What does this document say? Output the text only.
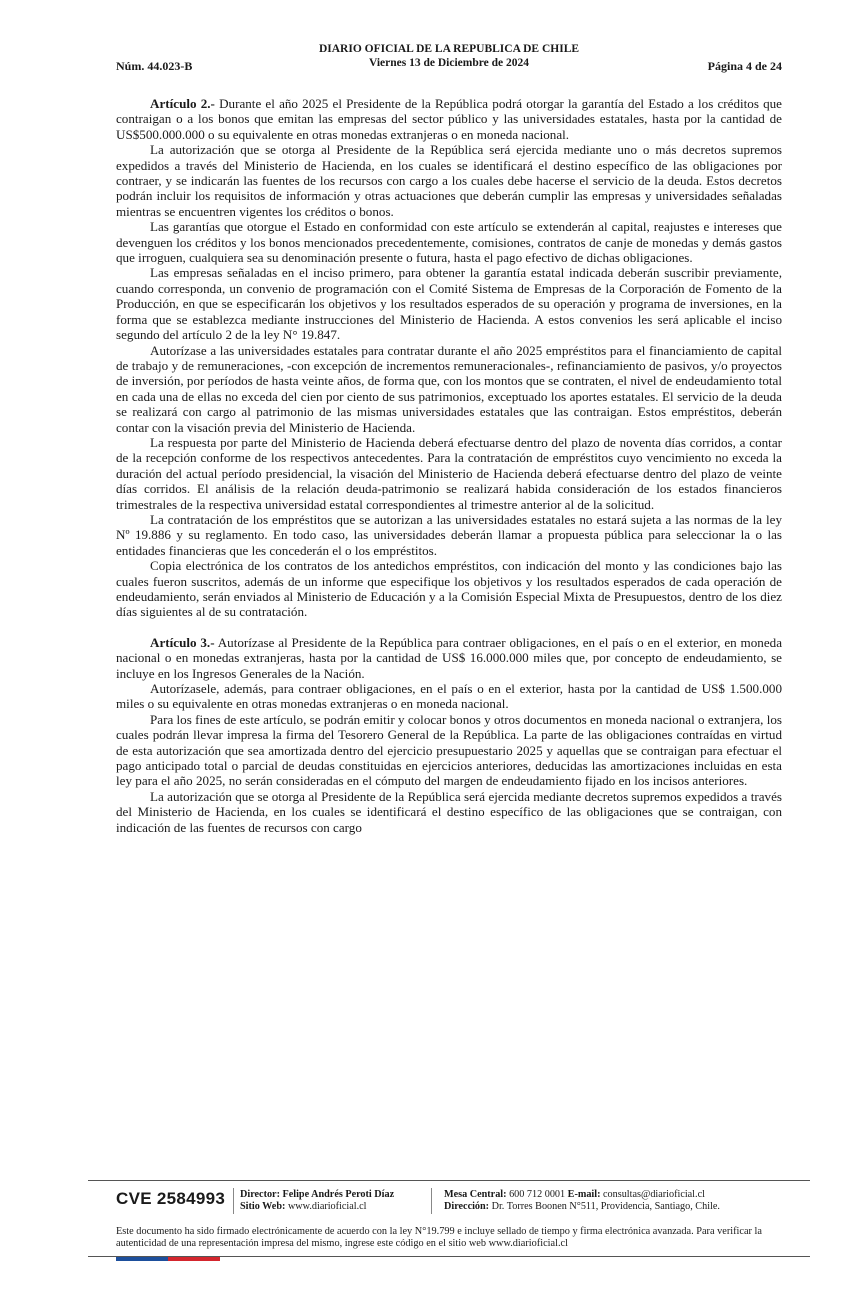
Núm. 44.023-B
DIARIO OFICIAL DE LA REPUBLICA DE CHILE
Viernes 13 de Diciembre de 2024	Página 4 de 24

Artículo 2.- Durante el año 2025 el Presidente de la República podrá otorgar la garantía del Estado a los créditos que contraigan o a los bonos que emitan las empresas del sector público y las universidades estatales, hasta por la cantidad de US$500.000.000 o su equivalente en otras monedas extranjeras o en moneda nacional.

La autorización que se otorga al Presidente de la República será ejercida mediante uno o más decretos supremos expedidos a través del Ministerio de Hacienda, en los cuales se identificará el destino específico de las obligaciones por contraer, y se indicarán las fuentes de los recursos con cargo a los cuales debe hacerse el servicio de la deuda. Estos decretos podrán incluir los requisitos de información y otras actuaciones que deberán cumplir las empresas y universidades señaladas mientras se encuentren vigentes los créditos o bonos.

Las garantías que otorgue el Estado en conformidad con este artículo se extenderán al capital, reajustes e intereses que devenguen los créditos y los bonos mencionados precedentemente, comisiones, contratos de canje de monedas y demás gastos que irroguen, cualquiera sea su denominación presente o futura, hasta el pago efectivo de dichas obligaciones.

Las empresas señaladas en el inciso primero, para obtener la garantía estatal indicada deberán suscribir previamente, cuando corresponda, un convenio de programación con el Comité Sistema de Empresas de la Corporación de Fomento de la Producción, en que se especificarán los objetivos y los resultados esperados de su operación y programa de inversiones, en la forma que se establezca mediante instrucciones del Ministerio de Hacienda. A estos convenios les será aplicable el inciso segundo del artículo 2 de la ley N° 19.847.

Autorízase a las universidades estatales para contratar durante el año 2025 empréstitos para el financiamiento de capital de trabajo y de remuneraciones, -con excepción de incrementos remuneracionales-, refinanciamiento de pasivos, y/o proyectos de inversión, por períodos de hasta veinte años, de forma que, con los montos que se contraten, el nivel de endeudamiento total en cada una de ellas no exceda del cien por ciento de sus patrimonios, exceptuado los aportes estatales. El servicio de la deuda se realizará con cargo al patrimonio de las mismas universidades estatales que las contraigan. Estos empréstitos, deberán contar con la visación previa del Ministerio de Hacienda.

La respuesta por parte del Ministerio de Hacienda deberá efectuarse dentro del plazo de noventa días corridos, a contar de la recepción conforme de los respectivos antecedentes. Para la contratación de empréstitos cuyo vencimiento no exceda la duración del actual período presidencial, la visación del Ministerio de Hacienda deberá efectuarse dentro del plazo de veinte días corridos. El análisis de la relación deuda-patrimonio se realizará habida consideración de los estados financieros trimestrales de la respectiva universidad estatal correspondientes al trimestre anterior al de la solicitud.

La contratación de los empréstitos que se autorizan a las universidades estatales no estará sujeta a las normas de la ley Nº 19.886 y su reglamento. En todo caso, las universidades deberán llamar a propuesta pública para seleccionar la o las entidades financieras que les concederán el o los empréstitos.

Copia electrónica de los contratos de los antedichos empréstitos, con indicación del monto y las condiciones bajo las cuales fueron suscritos, además de un informe que especifique los objetivos y los resultados esperados de cada operación de endeudamiento, serán enviados al Ministerio de Educación y a la Comisión Especial Mixta de Presupuestos, dentro de los diez días siguientes al de su contratación.

Artículo 3.- Autorízase al Presidente de la República para contraer obligaciones, en el país o en el exterior, en moneda nacional o en monedas extranjeras, hasta por la cantidad de US$ 16.000.000 miles que, por concepto de endeudamiento, se incluye en los Ingresos Generales de la Nación.

Autorízasele, además, para contraer obligaciones, en el país o en el exterior, hasta por la cantidad de US$ 1.500.000 miles o su equivalente en otras monedas extranjeras o en moneda nacional.

Para los fines de este artículo, se podrán emitir y colocar bonos y otros documentos en moneda nacional o extranjera, los cuales podrán llevar impresa la firma del Tesorero General de la República. La parte de las obligaciones contraídas en virtud de esta autorización que sea amortizada dentro del ejercicio presupuestario 2025 y aquellas que se contraigan para efectuar el pago anticipado total o parcial de deudas constituidas en ejercicios anteriores, deducidas las amortizaciones incluidas en esta ley para el año 2025, no serán consideradas en el cómputo del margen de endeudamiento fijado en los incisos anteriores.

La autorización que se otorga al Presidente de la República será ejercida mediante decretos supremos expedidos a través del Ministerio de Hacienda, en los cuales se identificará el destino específico de las obligaciones que se contraigan, con indicación de las fuentes de recursos con cargo

CVE 2584993 Director: Felipe Andrés Peroti Díaz
Sitio Web: www.diarioficial.cl
Mesa Central: 600 712 0001 E-mail: consultas@diarioficial.cl
Dirección: Dr. Torres Boonen N°511, Providencia, Santiago, Chile.
Este documento ha sido firmado electrónicamente de acuerdo con la ley N°19.799 e incluye sellado de tiempo y firma electrónica avanzada. Para verificar la autenticidad de una representación impresa del mismo, ingrese este código en el sitio web www.diarioficial.cl
